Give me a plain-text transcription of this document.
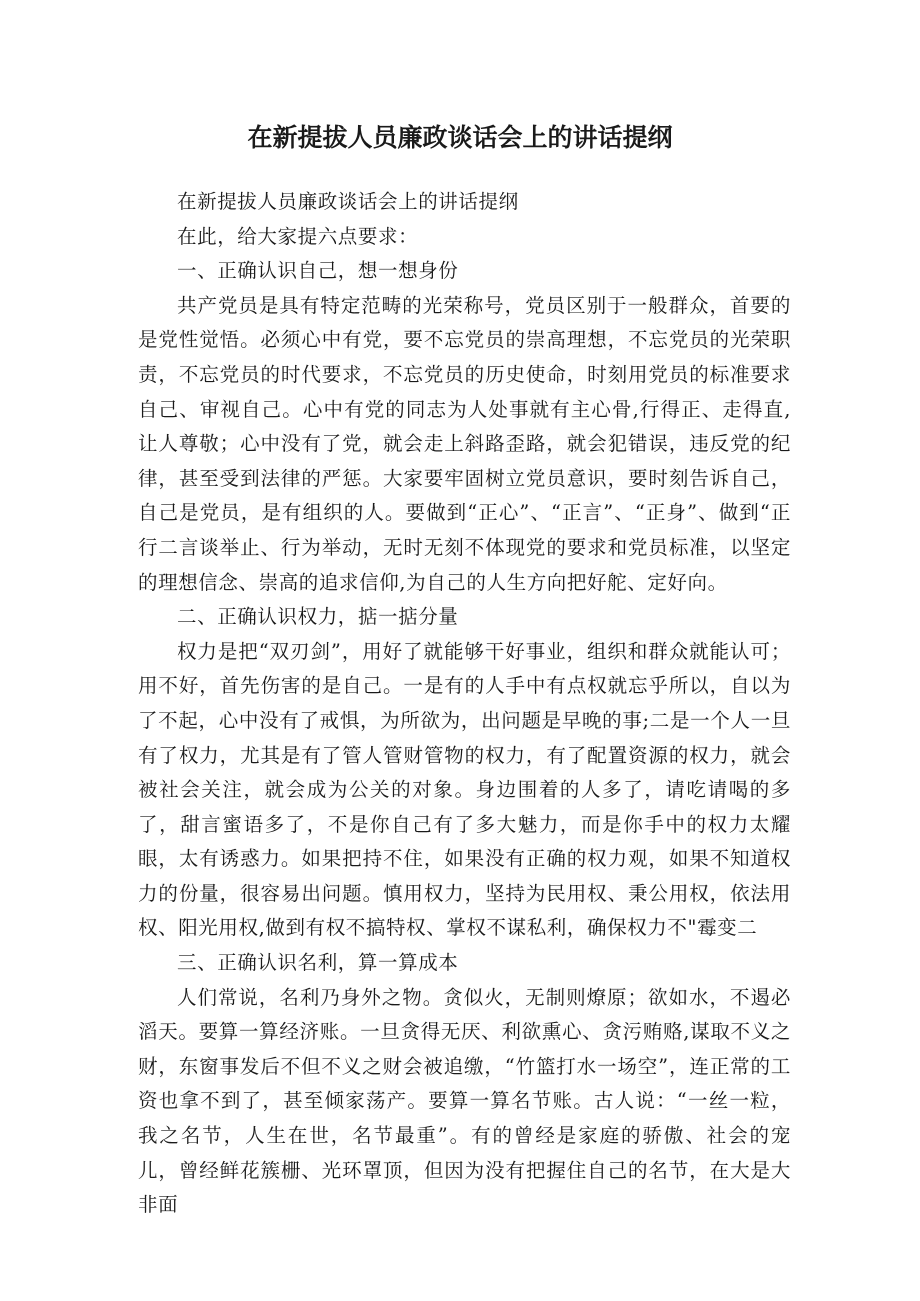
在新提拔人员廉政谈话会上的讲话提纲

在新提拔人员廉政谈话会上的讲话提纲

在此，给大家提六点要求：

一、正确认识自己，想一想身份

共产党员是具有特定范畴的光荣称号，党员区别于一般群众，首要的是党性觉悟。必须心中有党，要不忘党员的崇高理想，不忘党员的光荣职责，不忘党员的时代要求，不忘党员的历史使命，时刻用党员的标准要求自己、审视自己。心中有党的同志为人处事就有主心骨,行得正、走得直,让人尊敬；心中没有了党，就会走上斜路歪路，就会犯错误，违反党的纪律，甚至受到法律的严惩。大家要牢固树立党员意识，要时刻告诉自己，自己是党员，是有组织的人。要做到“正心”、“正言”、“正身”、做到“正行二言谈举止、行为举动，无时无刻不体现党的要求和党员标准，以坚定的理想信念、崇高的追求信仰,为自己的人生方向把好舵、定好向。

二、正确认识权力，掂一掂分量

权力是把“双刃剑”，用好了就能够干好事业，组织和群众就能认可；用不好，首先伤害的是自己。一是有的人手中有点权就忘乎所以，自以为了不起，心中没有了戒惧，为所欲为，出问题是早晚的事;二是一个人一旦有了权力，尤其是有了管人管财管物的权力，有了配置资源的权力，就会被社会关注，就会成为公关的对象。身边围着的人多了，请吃请喝的多了，甜言蜜语多了，不是你自己有了多大魅力，而是你手中的权力太耀眼，太有诱惑力。如果把持不住，如果没有正确的权力观，如果不知道权力的份量，很容易出问题。慎用权力，坚持为民用权、秉公用权，依法用权、阳光用权,做到有权不搞特权、掌权不谋私利，确保权力不"霉变二

三、正确认识名利，算一算成本

人们常说，名利乃身外之物。贪似火，无制则燎原；欲如水，不遏必滔天。要算一算经济账。一旦贪得无厌、利欲熏心、贪污贿赂,谋取不义之财，东窗事发后不但不义之财会被追缴，“竹篮打水一场空”，连正常的工资也拿不到了，甚至倾家荡产。要算一算名节账。古人说：“一丝一粒，我之名节，人生在世，名节最重”。有的曾经是家庭的骄傲、社会的宠儿，曾经鲜花簇栅、光环罩顶，但因为没有把握住自己的名节，在大是大非面
